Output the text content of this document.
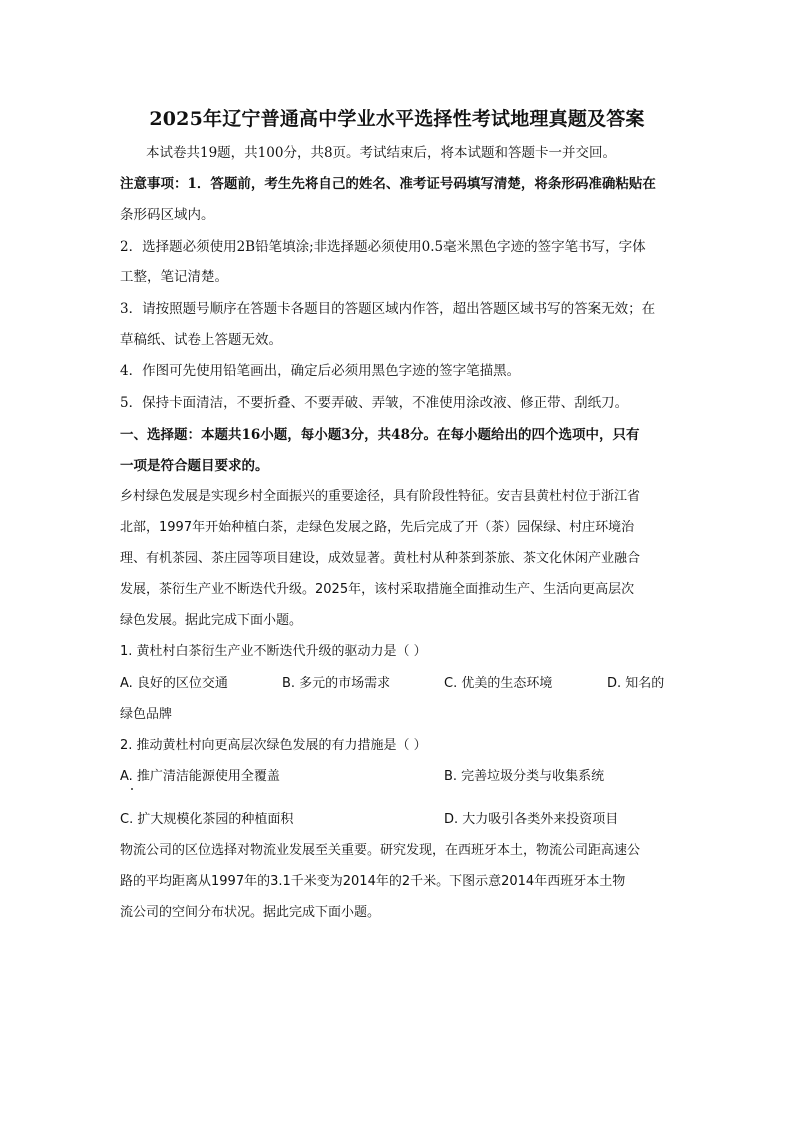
2025年辽宁普通高中学业水平选择性考试地理真题及答案
本试卷共19题，共100分，共8页。考试结束后，将本试题和答题卡一并交回。
注意事项：1．答题前，考生先将自己的姓名、准考证号码填写清楚，将条形码准确粘贴在
条形码区域内。
2．选择题必须使用2B铅笔填涂;非选择题必须使用0.5毫米黑色字迹的签字笔书写，字体
工整，笔记清楚。
3．请按照题号顺序在答题卡各题目的答题区域内作答，超出答题区域书写的答案无效；在
草稿纸、试卷上答题无效。
4．作图可先使用铅笔画出，确定后必须用黑色字迹的签字笔描黑。
5．保持卡面清洁，不要折叠、不要弄破、弄皱，不准使用涂改液、修正带、刮纸刀。
一、选择题：本题共16小题，每小题3分，共48分。在每小题给出的四个选项中，只有
一项是符合题目要求的。
乡村绿色发展是实现乡村全面振兴的重要途径，具有阶段性特征。安吉县黄杜村位于浙江省
北部，1997年开始种植白茶，走绿色发展之路，先后完成了开（茶）园保绿、村庄环境治
理、有机茶园、茶庄园等项目建设，成效显著。黄杜村从种茶到茶旅、茶文化休闲产业融合
发展，茶衍生产业不断迭代升级。2025年，该村采取措施全面推动生产、生活向更高层次
绿色发展。据此完成下面小题。
1. 黄杜村白茶衍生产业不断迭代升级的驱动力是（ ）
A. 良好的区位交通	B. 多元的市场需求	C. 优美的生态环境	D. 知名的
绿色品牌
2. 推动黄杜村向更高层次绿色发展的有力措施是（ ）
A. 推广清洁能源使用全覆盖	B. 完善垃圾分类与收集系统
C. 扩大规模化茶园的种植面积	D. 大力吸引各类外来投资项目
物流公司的区位选择对物流业发展至关重要。研究发现，在西班牙本土，物流公司距高速公
路的平均距离从1997年的3.1千米变为2014年的2千米。下图示意2014年西班牙本土物
流公司的空间分布状况。据此完成下面小题。
